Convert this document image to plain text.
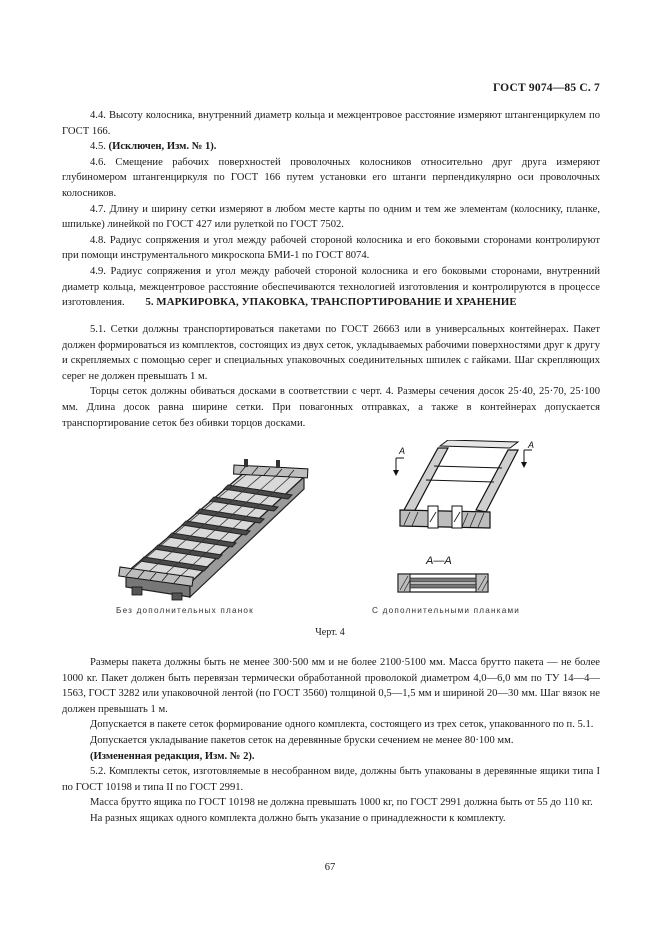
ГОСТ 9074—85 С. 7

4.4. Высоту колосника, внутренний диаметр кольца и межцентровое расстояние измеряют штангенциркулем по ГОСТ 166.

4.5. (Исключен, Изм. № 1).

4.6. Смещение рабочих поверхностей проволочных колосников относительно друг друга измеряют глубиномером штангенциркуля по ГОСТ 166 путем установки его штанги перпендикулярно оси проволочных колосников.

4.7. Длину и ширину сетки измеряют в любом месте карты по одним и тем же элементам (колоснику, планке, шпильке) линейкой по ГОСТ 427 или рулеткой по ГОСТ 7502.

4.8. Радиус сопряжения и угол между рабочей стороной колосника и его боковыми сторонами контролируют при помощи инструментального микроскопа БМИ-1 по ГОСТ 8074.

4.9. Радиус сопряжения и угол между рабочей стороной колосника и его боковыми сторонами, внутренний диаметр кольца, межцентровое расстояние обеспечиваются технологией изготовления и контролируются в процессе изготовления.	5. МАРКИРОВКА, УПАКОВКА, ТРАНСПОРТИРОВАНИЕ И ХРАНЕНИЕ

5.1. Сетки должны транспортироваться пакетами по ГОСТ 26663 или в универсальных контейнерах. Пакет должен формироваться из комплектов, состоящих из двух сеток, укладываемых рабочими поверхностями друг к другу и скрепляемых с помощью серег и специальных упаковочных соединительных шпилек с гайками. Шаг скрепляющих серег не должен превышать 1 м.

Торцы сеток должны обиваться досками в соответствии с черт. 4. Размеры сечения досок 25·40, 25·70, 25·100 мм. Длина досок равна ширине сетки. При повагонных отправках, а также в контейнерах допускается транспортирование сеток без обивки торцов досками.

А
А
А—А
Без дополнительных планок	С дополнительными планками
Черт. 4

Размеры пакета должны быть не менее 300·500 мм и не более 2100·5100 мм. Масса брутто пакета — не более 1000 кг. Пакет должен быть перевязан термически обработанной проволокой диаметром 4,0—6,0 мм по ТУ 14—4—1563, ГОСТ 3282 или упаковочной лентой (по ГОСТ 3560) толщиной 0,5—1,5 мм и шириной 20—30 мм. Шаг вязок не должен превышать 1 м.

Допускается в пакете сеток формирование одного комплекта, состоящего из трех сеток, упакованного по п. 5.1.

Допускается укладывание пакетов сеток на деревянные бруски сечением не менее 80·100 мм.

(Измененная редакция, Изм. № 2).

5.2. Комплекты сеток, изготовляемые в несобранном виде, должны быть упакованы в деревянные ящики типа I по ГОСТ 10198 и типа II по ГОСТ 2991.

Масса брутто ящика по ГОСТ 10198 не должна превышать 1000 кг, по ГОСТ 2991 должна быть от 55 до 110 кг.

На разных ящиках одного комплекта должно быть указание о принадлежности к комплекту.

67
